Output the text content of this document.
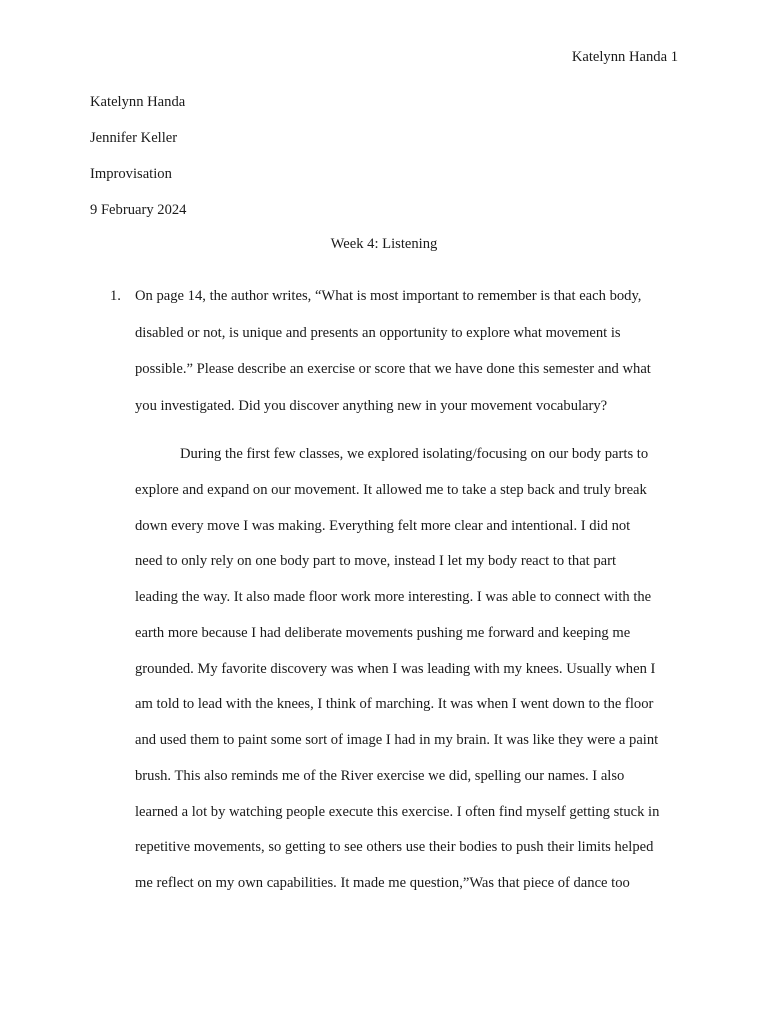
Katelynn Handa 1
Katelynn Handa
Jennifer Keller
Improvisation
9 February 2024
Week 4: Listening
1. On page 14, the author writes, “What is most important to remember is that each body,
disabled or not, is unique and presents an opportunity to explore what movement is
possible.” Please describe an exercise or score that we have done this semester and what
you investigated. Did you discover anything new in your movement vocabulary?
During the first few classes, we explored isolating/focusing on our body parts to
explore and expand on our movement. It allowed me to take a step back and truly break
down every move I was making. Everything felt more clear and intentional. I did not
need to only rely on one body part to move, instead I let my body react to that part
leading the way. It also made floor work more interesting. I was able to connect with the
earth more because I had deliberate movements pushing me forward and keeping me
grounded. My favorite discovery was when I was leading with my knees. Usually when I
am told to lead with the knees, I think of marching. It was when I went down to the floor
and used them to paint some sort of image I had in my brain. It was like they were a paint
brush. This also reminds me of the River exercise we did, spelling our names. I also
learned a lot by watching people execute this exercise. I often find myself getting stuck in
repetitive movements, so getting to see others use their bodies to push their limits helped
me reflect on my own capabilities. It made me question,”Was that piece of dance too
